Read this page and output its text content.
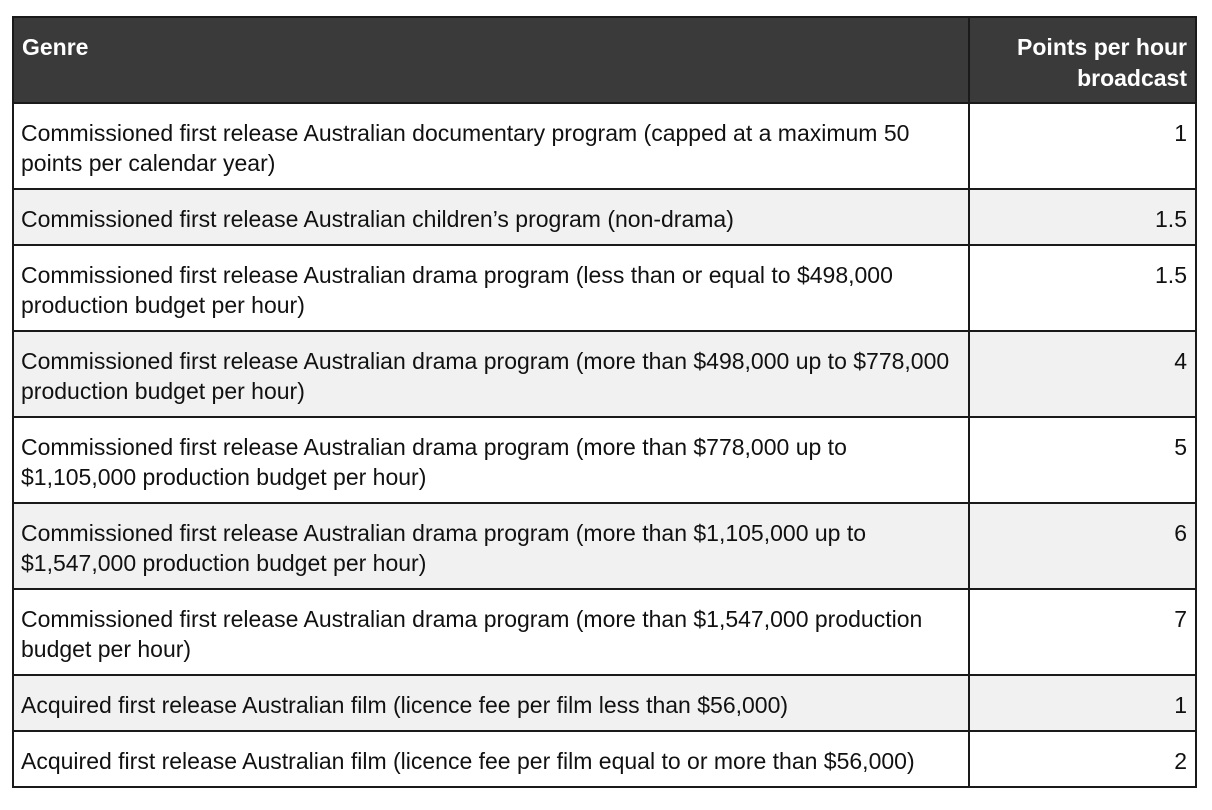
Genre	Points per hour broadcast
Commissioned first release Australian documentary program (capped at a maximum 50 points per calendar year)	1
Commissioned first release Australian children’s program (non-drama)	1.5
Commissioned first release Australian drama program (less than or equal to $498,000 production budget per hour)	1.5
Commissioned first release Australian drama program (more than $498,000 up to $778,000 production budget per hour)	4
Commissioned first release Australian drama program (more than $778,000 up to $1,105,000 production budget per hour)	5
Commissioned first release Australian drama program (more than $1,105,000 up to $1,547,000 production budget per hour)	6
Commissioned first release Australian drama program (more than $1,547,000 production budget per hour)	7
Acquired first release Australian film (licence fee per film less than $56,000)	1
Acquired first release Australian film (licence fee per film equal to or more than $56,000)	2
